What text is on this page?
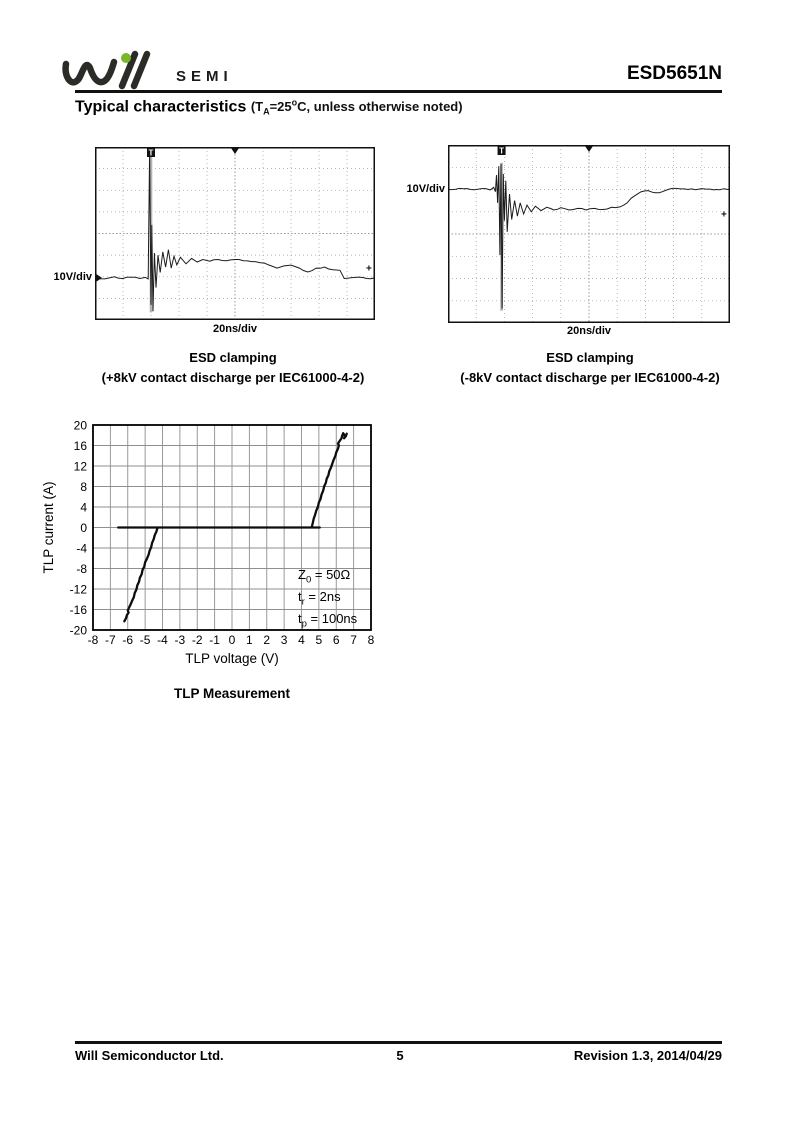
SEMI	ESD5651N
Typical characteristics ($T_A=25^oC$, unless otherwise noted)
10V/div
T
+
20ns/div
10V/div
T
+
20ns/div
ESD clamping
(+8kV contact discharge per IEC61000-4-2)
ESD clamping
(-8kV contact discharge per IEC61000-4-2)
-8 -7 -6 -5 -4 -3 -2 -1 0 1 2 3 4 5 6 7 8
-20
-16
-12
-8
-4
0
4
8
12
16
20
TLP voltage (V)
TLP current (A)
$Z_0 = 50\Omega$
$t_r = 2ns$
$t_p = 100ns$
TLP Measurement
Will Semiconductor Ltd.	5	Revision 1.3, 2014/04/29
